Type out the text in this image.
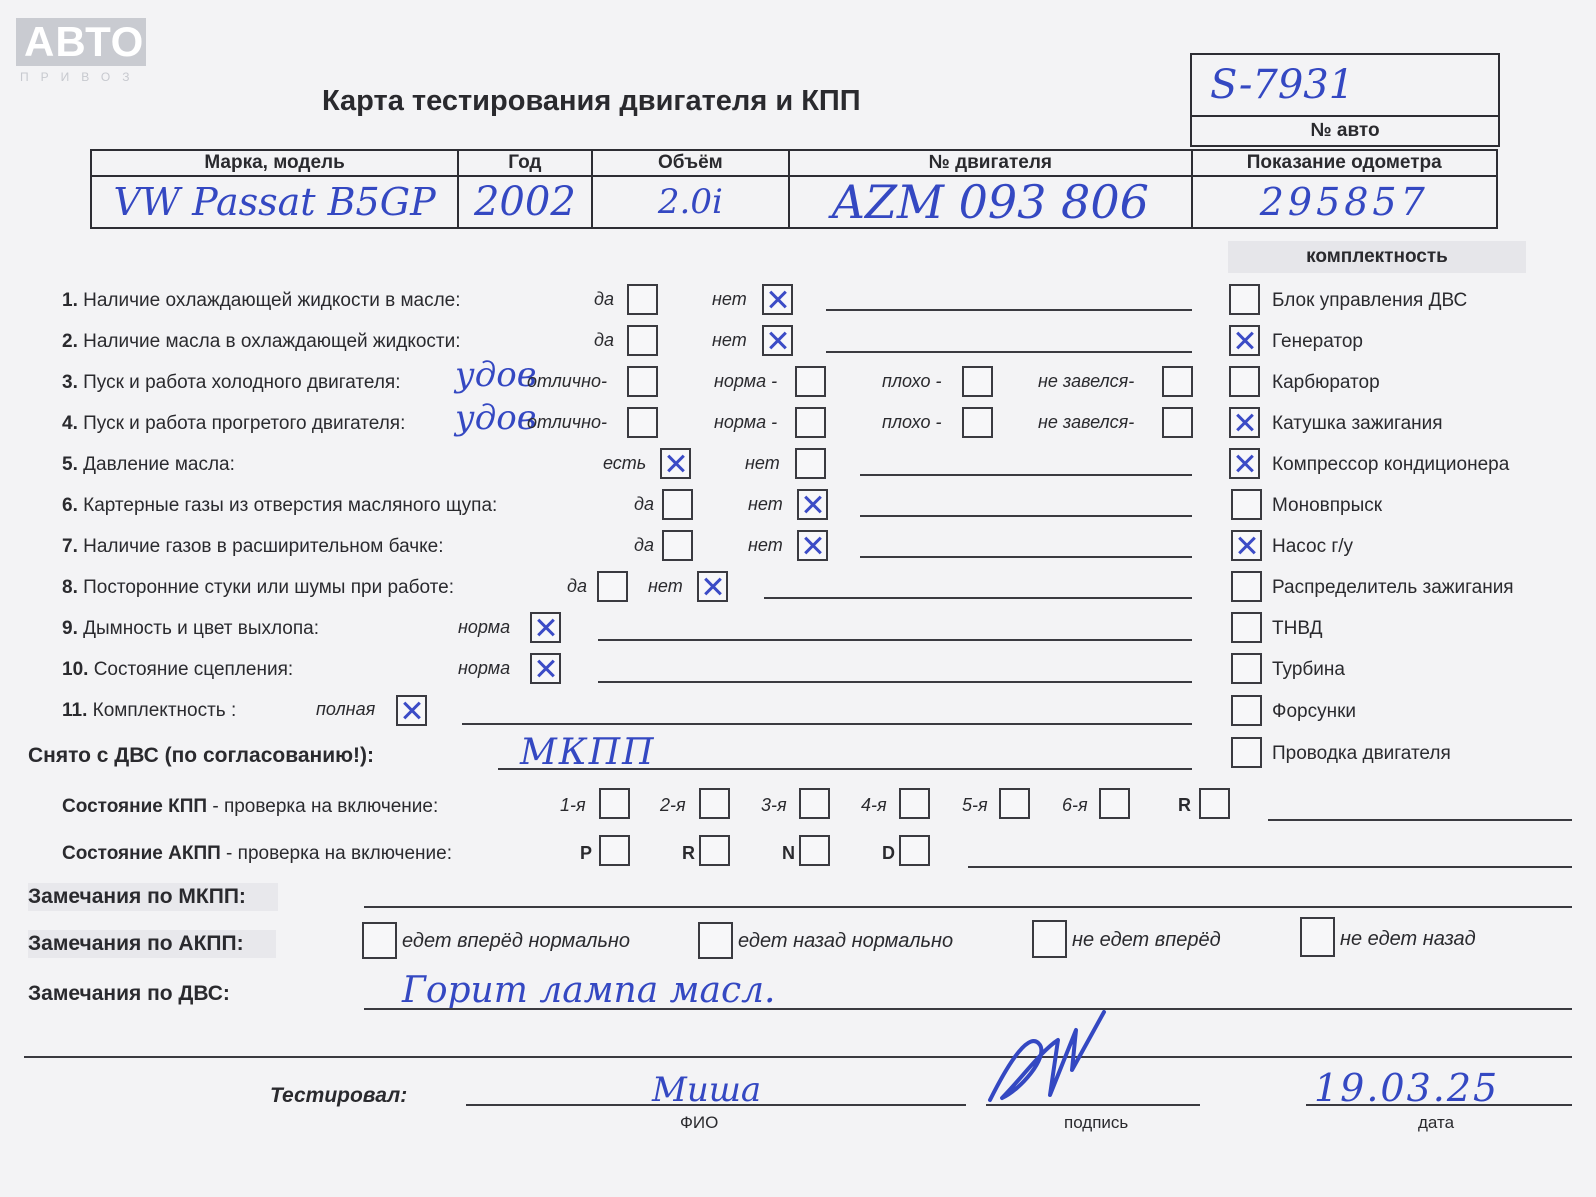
АВТО
ПРИВОЗ
Карта тестирования двигателя и КПП	S-7931
№ авто
Марка, модель	Год	Объём	№ двигателя	Показание одометра
VW Passat B5GP	2002	2.0i	AZM 093 806	295857
1. Наличие охлаждающей жидкости в масле:	да	нет
2. Наличие масла в охлаждающей жидкости:	да	нет
3. Пуск и работа холодного двигателя: удов
отлично-	норма -	плохо -	не завелся-
4. Пуск и работа прогретого двигателя: удов
отлично-	норма -	плохо -	не завелся-
5. Давление масла:	есть	нет
6. Картерные газы из отверстия масляного щупа:	да	нет
7. Наличие газов в расширительном бачке:	да	нет
8. Посторонние стуки или шумы при работе:	да	нет
9. Дымность и цвет выхлопа:	норма
10. Состояние сцепления:	норма
11. Комплектность :	полная
Снято с ДВС (по согласованию!):	МКПП
комплектность
Блок управления ДВС
Генератор
Карбюратор
Катушка зажигания
Компрессор кондиционера
Моновпрыск
Насос г/у
Распределитель зажигания
ТНВД
Турбина
Форсунки
Проводка двигателя
Состояние КПП - проверка на включение:	1-я	2-я	3-я	4-я	5-я	6-я	R
Состояние АКПП - проверка на включение:	P	R	N	D
Замечания по МКПП:
Замечания по АКПП:	едет вперёд нормально	едет назад нормально	не едет вперёд	не едет назад
Замечания по ДВС:	Горит лампа масл.
Тестировал:	Миша
ФИО	подпись
19.03.25
дата
